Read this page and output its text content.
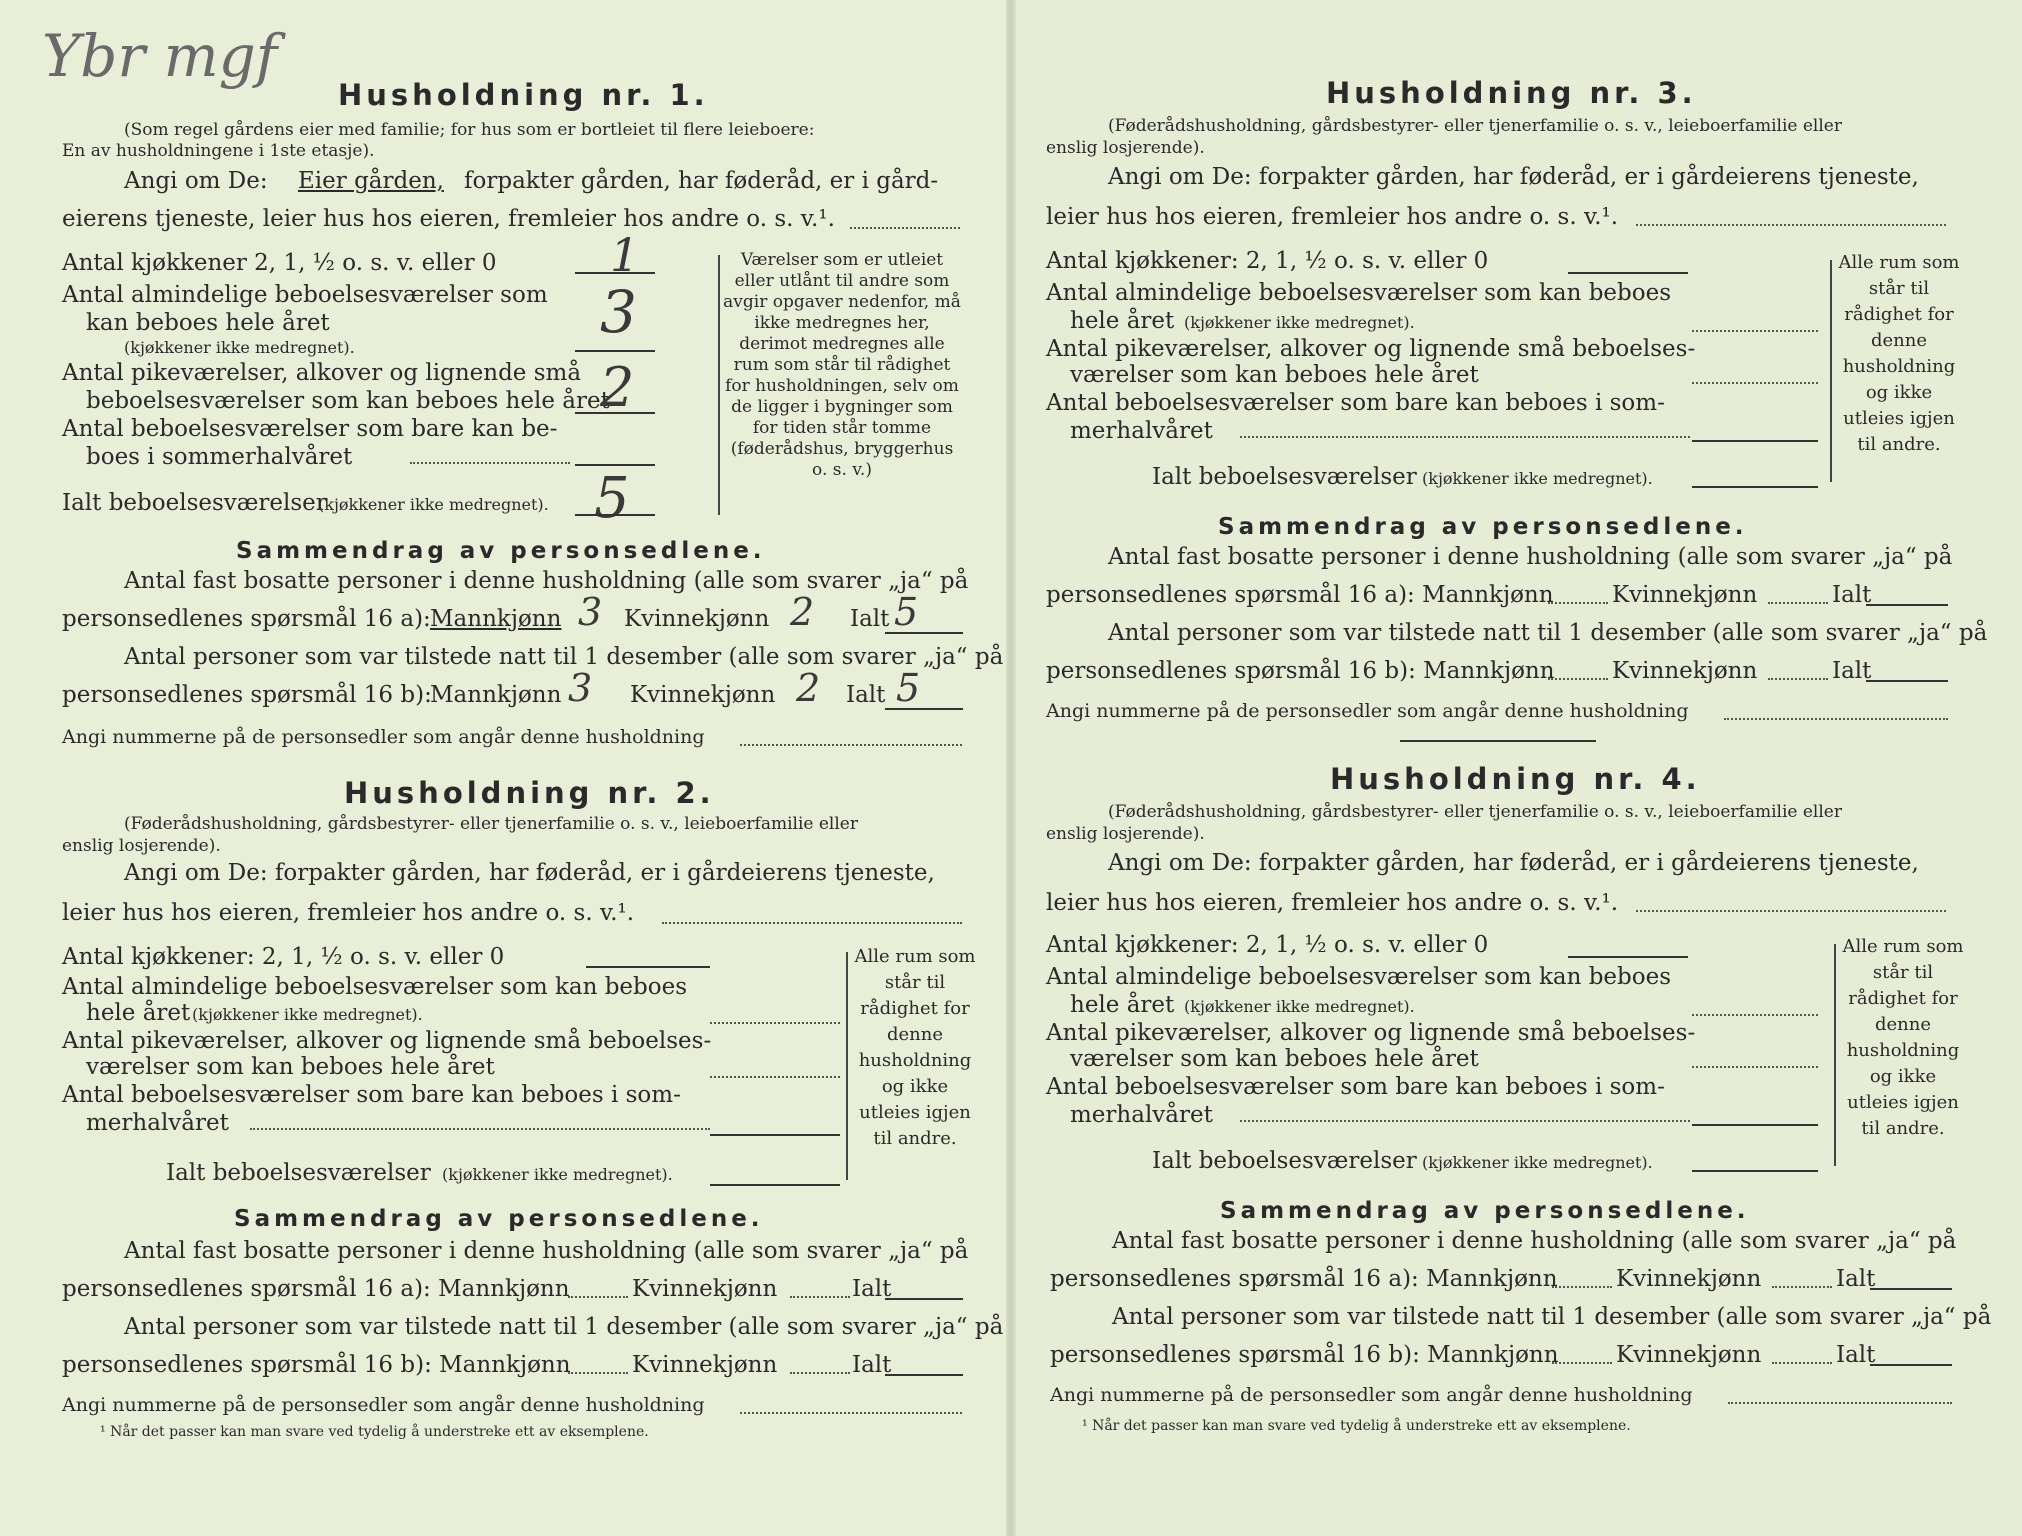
Ybr mgf
Husholdning nr. 1.
(Som regel gårdens eier med familie; for hus som er bortleiet til flere leieboere:
En av husholdningene i 1ste etasje).
Angi om De: Eier gården, forpakter gården, har føderåd, er i gård-
eierens tjeneste, leier hus hos eieren, fremleier hos andre o. s. v.¹.
Antal kjøkkener 2, 1, ½ o. s. v. eller 0 1
Antal almindelige beboelsesværelser som
kan beboes hele året
(kjøkkener ikke medregnet).
3
Antal pikeværelser, alkover og lignende små
beboelsesværelser som kan beboes hele året
2
Antal beboelsesværelser som bare kan be-
boes i sommerhalvåret
Ialt beboelsesværelser
(kjøkkener ikke medregnet). 5
Værelser som er utleiet eller utlånt til andre som avgir opgaver nedenfor, må ikke medregnes her, derimot medregnes alle rum som står til rådighet for husholdningen, selv om de ligger i bygninger som for tiden står tomme (føderådshus, bryggerhus o. s. v.)
Sammendrag av personsedlene.
Antal fast bosatte personer i denne husholdning (alle som svarer „ja“ på
personsedlenes spørsmål 16 a): Mannkjønn 3 Kvinnekjønn 2 Ialt 5
Antal personer som var tilstede natt til 1 desember (alle som svarer „ja“ på
personsedlenes spørsmål 16 b):
Mannkjønn 3 Kvinnekjønn 2 Ialt 5
Angi nummerne på de personsedler som angår denne husholdning
Husholdning nr. 2.
(Føderådshusholdning, gårdsbestyrer- eller tjenerfamilie o. s. v., leieboerfamilie eller
enslig losjerende).
Angi om De: forpakter gården, har føderåd, er i gårdeierens tjeneste,
leier hus hos eieren, fremleier hos andre o. s. v.¹.
Antal kjøkkener: 2, 1, ½ o. s. v. eller 0
Antal almindelige beboelsesværelser som kan beboes
hele året (kjøkkener ikke medregnet).
Antal pikeværelser, alkover og lignende små beboelses-
værelser som kan beboes hele året
Antal beboelsesværelser som bare kan beboes i som-
merhalvåret
Ialt beboelsesværelser (kjøkkener ikke medregnet).
Alle rum som står til rådighet for denne husholdning og ikke utleies igjen til andre.
Sammendrag av personsedlene.
Antal fast bosatte personer i denne husholdning (alle som svarer „ja“ på
personsedlenes spørsmål 16 a): Mannkjønn	Kvinnekjønn	Ialt
Antal personer som var tilstede natt til 1 desember (alle som svarer „ja“ på
personsedlenes spørsmål 16 b): Mannkjønn	Kvinnekjønn	Ialt
Angi nummerne på de personsedler som angår denne husholdning
¹ Når det passer kan man svare ved tydelig å understreke ett av eksemplene.
Husholdning nr. 3.
(Føderådshusholdning, gårdsbestyrer- eller tjenerfamilie o. s. v., leieboerfamilie eller
enslig losjerende).
Angi om De: forpakter gården, har føderåd, er i gårdeierens tjeneste,
leier hus hos eieren, fremleier hos andre o. s. v.¹.
Antal kjøkkener: 2, 1, ½ o. s. v. eller 0
Antal almindelige beboelsesværelser som kan beboes
hele året (kjøkkener ikke medregnet).
Antal pikeværelser, alkover og lignende små beboelses-
værelser som kan beboes hele året
Antal beboelsesværelser som bare kan beboes i som-
merhalvåret
Ialt beboelsesværelser (kjøkkener ikke medregnet).
Alle rum som står til rådighet for denne husholdning og ikke utleies igjen til andre.
Sammendrag av personsedlene.
Antal fast bosatte personer i denne husholdning (alle som svarer „ja“ på
personsedlenes spørsmål 16 a): Mannkjønn	Kvinnekjønn	Ialt
Antal personer som var tilstede natt til 1 desember (alle som svarer „ja“ på
personsedlenes spørsmål 16 b): Mannkjønn Kvinnekjønn	Ialt
Angi nummerne på de personsedler som angår denne husholdning
Husholdning nr. 4.
(Føderådshusholdning, gårdsbestyrer- eller tjenerfamilie o. s. v., leieboerfamilie eller
enslig losjerende).
Angi om De: forpakter gården, har føderåd, er i gårdeierens tjeneste,
leier hus hos eieren, fremleier hos andre o. s. v.¹.
Antal kjøkkener: 2, 1, ½ o. s. v. eller 0
Antal almindelige beboelsesværelser som kan beboes
hele året (kjøkkener ikke medregnet).
Antal pikeværelser, alkover og lignende små beboelses-
værelser som kan beboes hele året
Antal beboelsesværelser som bare kan beboes i som-
merhalvåret
Ialt beboelsesværelser (kjøkkener ikke medregnet).
Alle rum som står til rådighet for denne husholdning og ikke utleies igjen til andre.
Sammendrag av personsedlene.
Antal fast bosatte personer i denne husholdning (alle som svarer „ja“ på
personsedlenes spørsmål 16 a): Mannkjønn	Kvinnekjønn	Ialt
Antal personer som var tilstede natt til 1 desember (alle som svarer „ja“ på
personsedlenes spørsmål 16 b): Mannkjønn Kvinnekjønn	Ialt
Angi nummerne på de personsedler som angår denne husholdning
¹ Når det passer kan man svare ved tydelig å understreke ett av eksemplene.
